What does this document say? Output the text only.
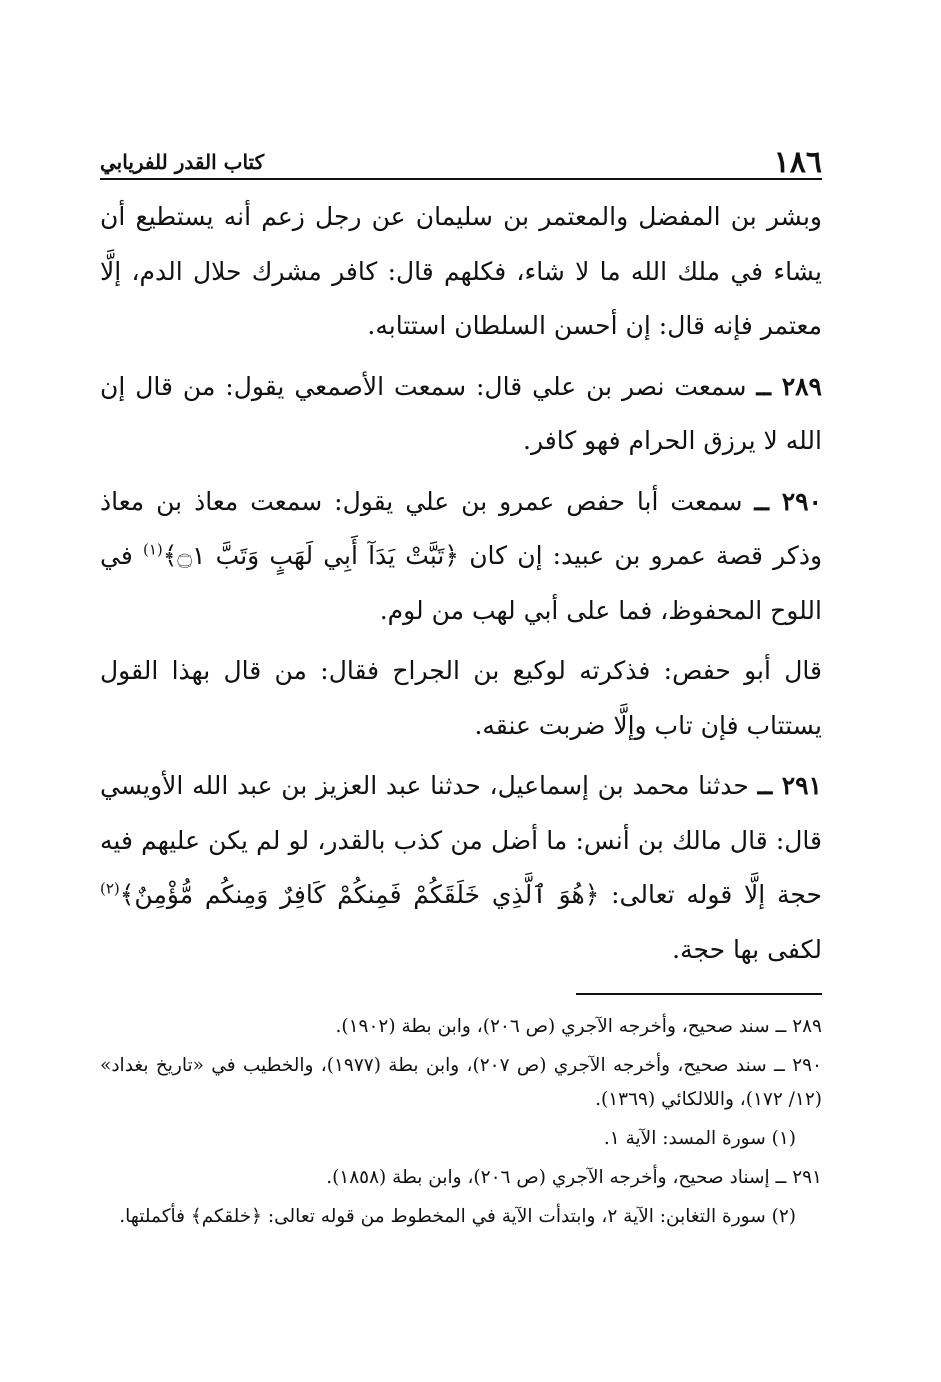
١٨٦
كتاب القدر للفريابي

وبشر بن المفضل والمعتمر بن سليمان عن رجل زعم أنه يستطيع أن يشاء في ملك الله ما لا شاء، فكلهم قال: كافر مشرك حلال الدم، إلَّا معتمر فإنه قال: إن أحسن السلطان استتابه.

٢٨٩ ــ سمعت نصر بن علي قال: سمعت الأصمعي يقول: من قال إن الله لا يرزق الحرام فهو كافر.

٢٩٠ ــ سمعت أبا حفص عمرو بن علي يقول: سمعت معاذ بن معاذ وذكر قصة عمرو بن عبيد: إن كان ﴿تَبَّتْ يَدَآ أَبِي لَهَبٍ وَتَبَّ ۝١﴾$^{(١)}$ في اللوح المحفوظ، فما على أبي لهب من لوم.

قال أبو حفص: فذكرته لوكيع بن الجراح فقال: من قال بهذا القول يستتاب فإن تاب وإلَّا ضربت عنقه.

٢٩١ ــ حدثنا محمد بن إسماعيل، حدثنا عبد العزيز بن عبد الله الأويسي قال: قال مالك بن أنس: ما أضل من كذب بالقدر، لو لم يكن عليهم فيه حجة إلَّا قوله تعالى: ﴿هُوَ ٱلَّذِي خَلَقَكُمْ فَمِنكُمْ كَافِرٌ وَمِنكُم مُّؤْمِنٌ﴾$^{(٢)}$ لكفى بها حجة.

٢٨٩ ــ سند صحيح، وأخرجه الآجري (ص ٢٠٦)، وابن بطة (١٩٠٢).

٢٩٠ ــ سند صحيح، وأخرجه الآجري (ص ٢٠٧)، وابن بطة (١٩٧٧)، والخطيب في «تاريخ بغداد» (١٢/ ١٧٢)، واللالكائي (١٣٦٩).

(١) سورة المسد: الآية ١.

٢٩١ ــ إسناد صحيح، وأخرجه الآجري (ص ٢٠٦)، وابن بطة (١٨٥٨).

(٢) سورة التغابن: الآية ٢، وابتدأت الآية في المخطوط من قوله تعالى: ﴿خلقكم﴾ فأكملتها.
